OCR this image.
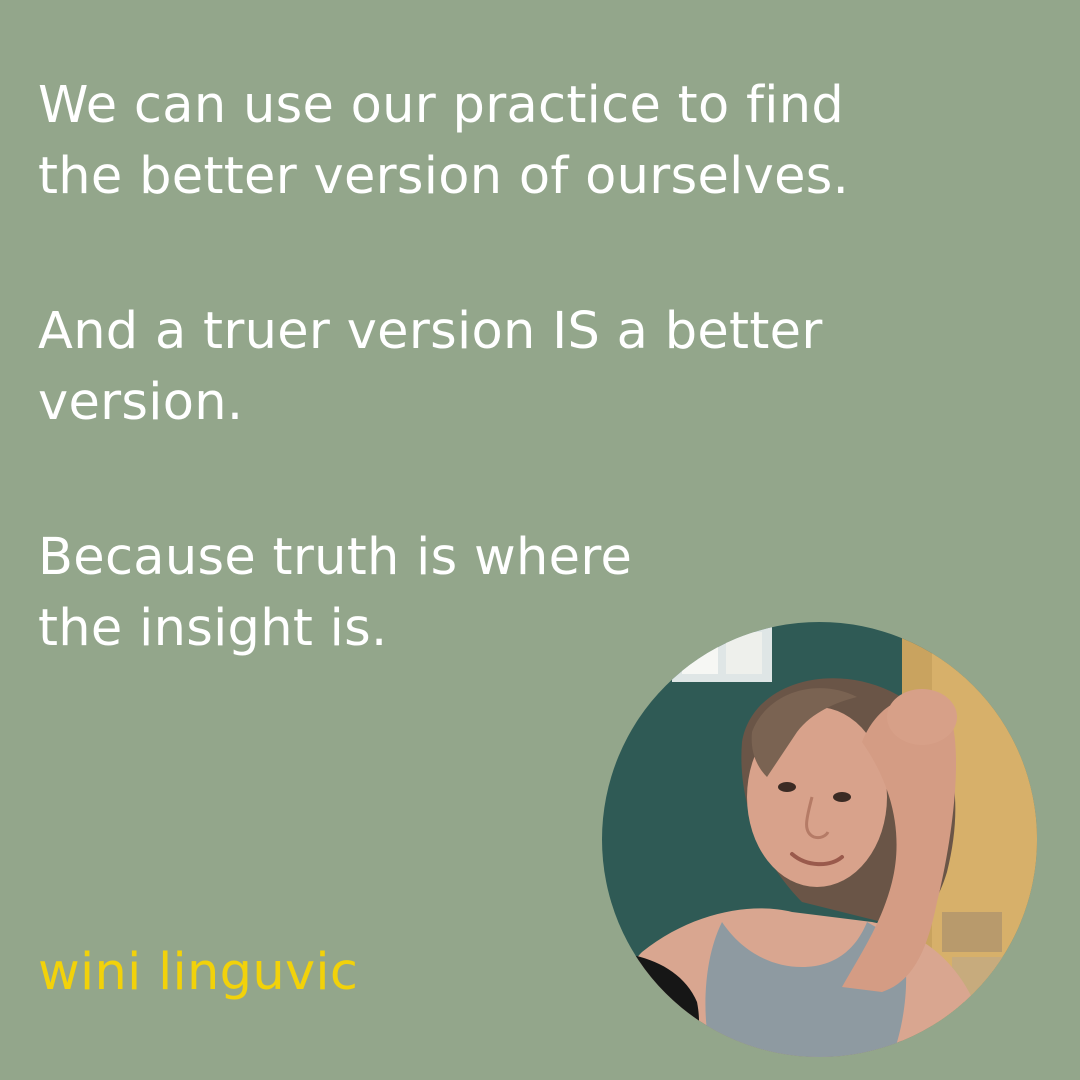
We can use our practice to find
the better version of ourselves.

And a truer version IS a better
version.

Because truth is where
the insight is.

wini linguvic
